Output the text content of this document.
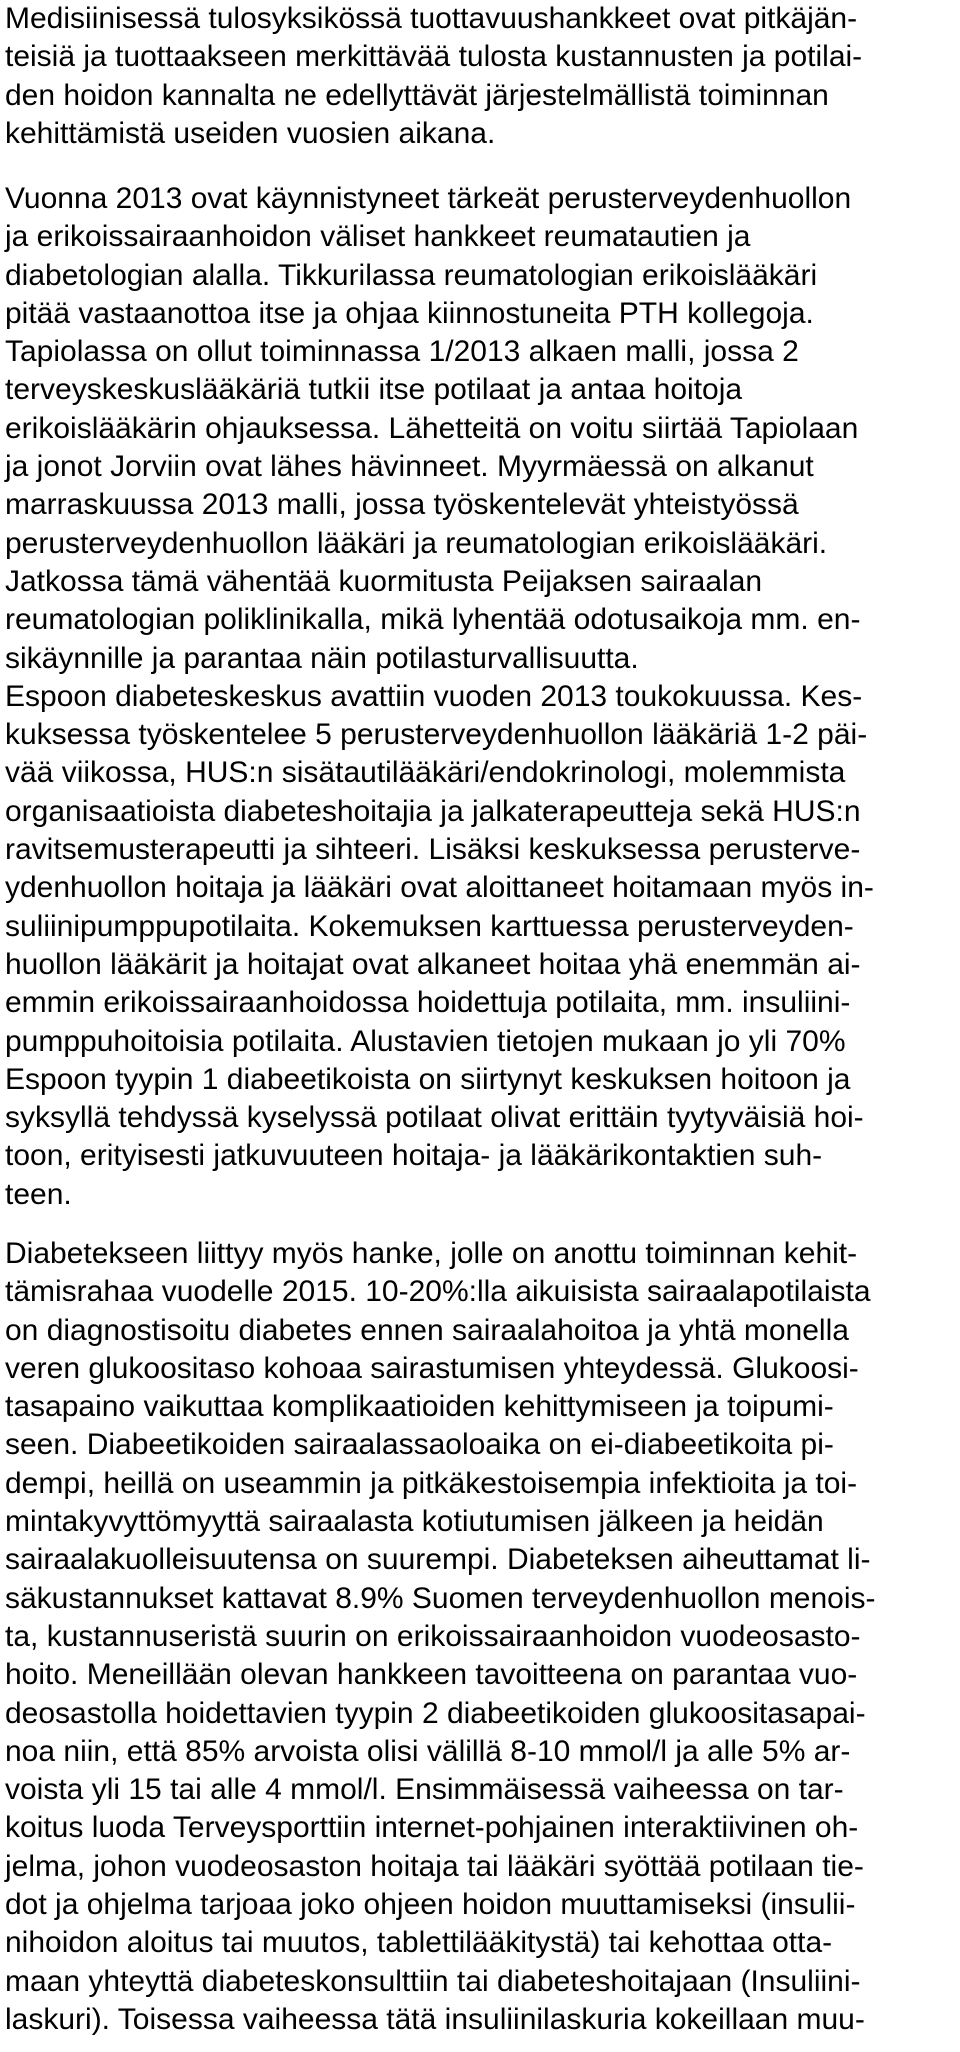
Medisiinisessä tulosyksikössä tuottavuushankkeet ovat pitkäjän-
teisiä ja tuottaakseen merkittävää tulosta kustannusten ja potilai-
den hoidon kannalta ne edellyttävät järjestelmällistä toiminnan
kehittämistä useiden vuosien aikana.
Vuonna 2013 ovat käynnistyneet tärkeät perusterveydenhuollon
ja erikoissairaanhoidon väliset hankkeet reumatautien ja
diabetologian alalla. Tikkurilassa reumatologian erikoislääkäri
pitää vastaanottoa itse ja ohjaa kiinnostuneita PTH kollegoja.
Tapiolassa on ollut toiminnassa 1/2013 alkaen malli, jossa 2
terveyskeskuslääkäriä tutkii itse potilaat ja antaa hoitoja
erikoislääkärin ohjauksessa. Lähetteitä on voitu siirtää Tapiolaan
ja jonot Jorviin ovat lähes hävinneet. Myyrmäessä on alkanut
marraskuussa 2013 malli, jossa työskentelevät yhteistyössä
perusterveydenhuollon lääkäri ja reumatologian erikoislääkäri.
Jatkossa tämä vähentää kuormitusta Peijaksen sairaalan
reumatologian poliklinikalla, mikä lyhentää odotusaikoja mm. en-
sikäynnille ja parantaa näin potilasturvallisuutta.
Espoon diabeteskeskus avattiin vuoden 2013 toukokuussa. Kes-
kuksessa työskentelee 5 perusterveydenhuollon lääkäriä 1-2 päi-
vää viikossa, HUS:n sisätautilääkäri/endokrinologi, molemmista
organisaatioista diabeteshoitajia ja jalkaterapeutteja sekä HUS:n
ravitsemusterapeutti ja sihteeri. Lisäksi keskuksessa perusterve-
ydenhuollon hoitaja ja lääkäri ovat aloittaneet hoitamaan myös in-
suliinipumppupotilaita. Kokemuksen karttuessa perusterveyden-
huollon lääkärit ja hoitajat ovat alkaneet hoitaa yhä enemmän ai-
emmin erikoissairaanhoidossa hoidettuja potilaita, mm. insuliini-
pumppuhoitoisia potilaita. Alustavien tietojen mukaan jo yli 70%
Espoon tyypin 1 diabeetikoista on siirtynyt keskuksen hoitoon ja
syksyllä tehdyssä kyselyssä potilaat olivat erittäin tyytyväisiä hoi-
toon, erityisesti jatkuvuuteen hoitaja- ja lääkärikontaktien suh-
teen.
Diabetekseen liittyy myös hanke, jolle on anottu toiminnan kehit-
tämisrahaa vuodelle 2015. 10-20%:lla aikuisista sairaalapotilaista
on diagnostisoitu diabetes ennen sairaalahoitoa ja yhtä monella
veren glukoositaso kohoaa sairastumisen yhteydessä. Glukoosi-
tasapaino vaikuttaa komplikaatioiden kehittymiseen ja toipumi-
seen. Diabeetikoiden sairaalassaoloaika on ei-diabeetikoita pi-
dempi, heillä on useammin ja pitkäkestoisempia infektioita ja toi-
mintakyvyttömyyttä sairaalasta kotiutumisen jälkeen ja heidän
sairaalakuolleisuutensa on suurempi. Diabeteksen aiheuttamat li-
säkustannukset kattavat 8.9% Suomen terveydenhuollon menois-
ta, kustannuseristä suurin on erikoissairaanhoidon vuodeosasto-
hoito. Meneillään olevan hankkeen tavoitteena on parantaa vuo-
deosastolla hoidettavien tyypin 2 diabeetikoiden glukoositasapai-
noa niin, että 85% arvoista olisi välillä 8-10 mmol/l ja alle 5% ar-
voista yli 15 tai alle 4 mmol/l. Ensimmäisessä vaiheessa on tar-
koitus luoda Terveysporttiin internet-pohjainen interaktiivinen oh-
jelma, johon vuodeosaston hoitaja tai lääkäri syöttää potilaan tie-
dot ja ohjelma tarjoaa joko ohjeen hoidon muuttamiseksi (insulii-
nihoidon aloitus tai muutos, tablettilääkitystä) tai kehottaa otta-
maan yhteyttä diabeteskonsulttiin tai diabeteshoitajaan (Insuliini-
laskuri). Toisessa vaiheessa tätä insuliinilaskuria kokeillaan muu-
